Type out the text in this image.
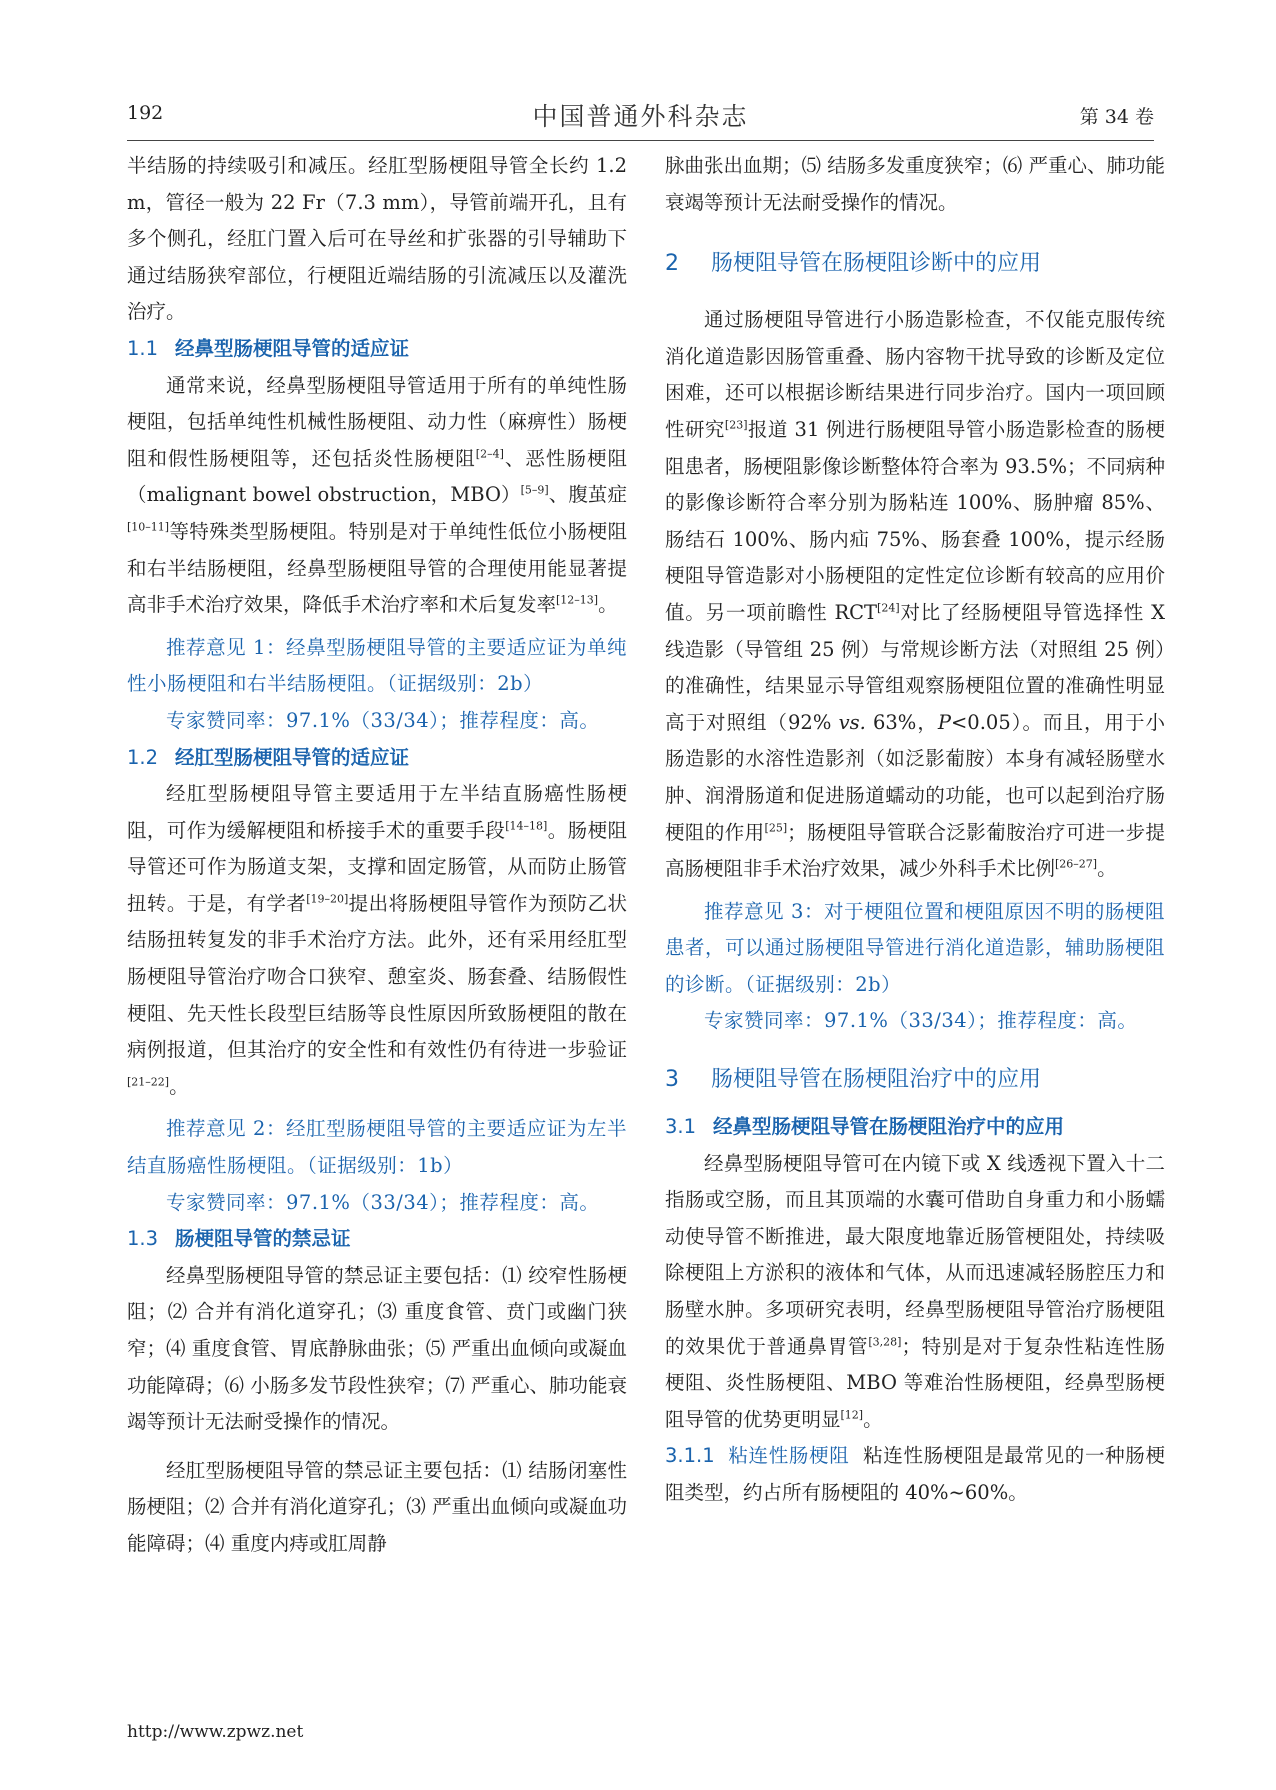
192	中国普通外科杂志	第 34 卷

半结肠的持续吸引和减压。经肛型肠梗阻导管全长约 1.2 m，管径一般为 22 Fr（7.3 mm），导管前端开孔，且有多个侧孔，经肛门置入后可在导丝和扩张器的引导辅助下通过结肠狭窄部位，行梗阻近端结肠的引流减压以及灌洗治疗。

1.1 经鼻型肠梗阻导管的适应证

通常来说，经鼻型肠梗阻导管适用于所有的单纯性肠梗阻，包括单纯性机械性肠梗阻、动力性（麻痹性）肠梗阻和假性肠梗阻等，还包括炎性肠梗阻[2–4]、恶性肠梗阻（malignant bowel obstruction，MBO）[5–9]、腹茧症[10–11]等特殊类型肠梗阻。特别是对于单纯性低位小肠梗阻和右半结肠梗阻，经鼻型肠梗阻导管的合理使用能显著提高非手术治疗效果，降低手术治疗率和术后复发率[12–13]。

推荐意见 1：经鼻型肠梗阻导管的主要适应证为单纯性小肠梗阻和右半结肠梗阻。（证据级别：2b）

专家赞同率：97.1%（33/34）；推荐程度：高。

1.2 经肛型肠梗阻导管的适应证

经肛型肠梗阻导管主要适用于左半结直肠癌性肠梗阻，可作为缓解梗阻和桥接手术的重要手段[14–18]。肠梗阻导管还可作为肠道支架，支撑和固定肠管，从而防止肠管扭转。于是，有学者[19–20]提出将肠梗阻导管作为预防乙状结肠扭转复发的非手术治疗方法。此外，还有采用经肛型肠梗阻导管治疗吻合口狭窄、憩室炎、肠套叠、结肠假性梗阻、先天性长段型巨结肠等良性原因所致肠梗阻的散在病例报道，但其治疗的安全性和有效性仍有待进一步验证[21–22]。

推荐意见 2：经肛型肠梗阻导管的主要适应证为左半结直肠癌性肠梗阻。（证据级别：1b）

专家赞同率：97.1%（33/34）；推荐程度：高。

1.3 肠梗阻导管的禁忌证

经鼻型肠梗阻导管的禁忌证主要包括：⑴ 绞窄性肠梗阻；⑵ 合并有消化道穿孔；⑶ 重度食管、贲门或幽门狭窄；⑷ 重度食管、胃底静脉曲张；⑸ 严重出血倾向或凝血功能障碍；⑹ 小肠多发节段性狭窄；⑺ 严重心、肺功能衰竭等预计无法耐受操作的情况。

经肛型肠梗阻导管的禁忌证主要包括：⑴ 结肠闭塞性肠梗阻；⑵ 合并有消化道穿孔；⑶ 严重出血倾向或凝血功能障碍；⑷ 重度内痔或肛周静

脉曲张出血期；⑸ 结肠多发重度狭窄；⑹ 严重心、肺功能衰竭等预计无法耐受操作的情况。

2 肠梗阻导管在肠梗阻诊断中的应用

通过肠梗阻导管进行小肠造影检查，不仅能克服传统消化道造影因肠管重叠、肠内容物干扰导致的诊断及定位困难，还可以根据诊断结果进行同步治疗。国内一项回顾性研究[23]报道 31 例进行肠梗阻导管小肠造影检查的肠梗阻患者，肠梗阻影像诊断整体符合率为 93.5%；不同病种的影像诊断符合率分别为肠粘连 100%、肠肿瘤 85%、肠结石 100%、肠内疝 75%、肠套叠 100%，提示经肠梗阻导管造影对小肠梗阻的定性定位诊断有较高的应用价值。另一项前瞻性 RCT[24]对比了经肠梗阻导管选择性 X 线造影（导管组 25 例）与常规诊断方法（对照组 25 例）的准确性，结果显示导管组观察肠梗阻位置的准确性明显高于对照组（92% vs. 63%，P<0.05）。而且，用于小肠造影的水溶性造影剂（如泛影葡胺）本身有减轻肠壁水肿、润滑肠道和促进肠道蠕动的功能，也可以起到治疗肠梗阻的作用[25]；肠梗阻导管联合泛影葡胺治疗可进一步提高肠梗阻非手术治疗效果，减少外科手术比例[26–27]。

推荐意见 3：对于梗阻位置和梗阻原因不明的肠梗阻患者，可以通过肠梗阻导管进行消化道造影，辅助肠梗阻的诊断。（证据级别：2b）

专家赞同率：97.1%（33/34）；推荐程度：高。

3 肠梗阻导管在肠梗阻治疗中的应用
3.1 经鼻型肠梗阻导管在肠梗阻治疗中的应用

经鼻型肠梗阻导管可在内镜下或 X 线透视下置入十二指肠或空肠，而且其顶端的水囊可借助自身重力和小肠蠕动使导管不断推进，最大限度地靠近肠管梗阻处，持续吸除梗阻上方淤积的液体和气体，从而迅速减轻肠腔压力和肠壁水肿。多项研究表明，经鼻型肠梗阻导管治疗肠梗阻的效果优于普通鼻胃管[3,28]；特别是对于复杂性粘连性肠梗阻、炎性肠梗阻、MBO 等难治性肠梗阻，经鼻型肠梗阻导管的优势更明显[12]。

3.1.1 粘连性肠梗阻 粘连性肠梗阻是最常见的一种肠梗阻类型，约占所有肠梗阻的 40%~60%。

http://www.zpwz.net
